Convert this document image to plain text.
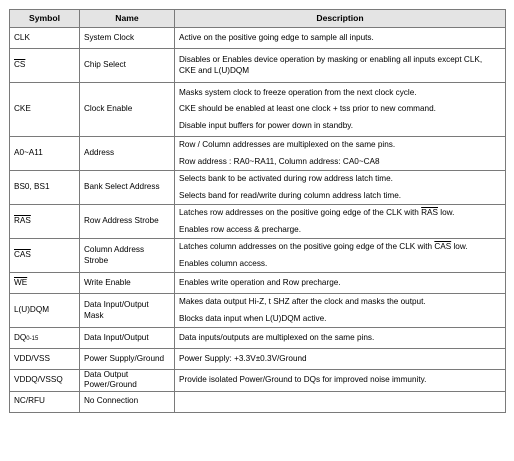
Symbol	Name	Description
CLK	System Clock	Active on the positive going edge to sample all inputs.

$\overline{CS}$	Chip Select	Disables or Enables device operation by masking or enabling all inputs except CLK, CKE and L(U)DQM

CKE	Clock Enable	Masks system clock to freeze operation from the next clock cycle.
CKE should be enabled at least one clock + tss prior to new command.
Disable input buffers for power down in standby.

A0~A11	Address	Row / Column addresses are multiplexed on the same pins.
Row address : RA0~RA11, Column address: CA0~CA8

BS0, BS1	Bank Select Address	Selects bank to be activated during row address latch time.
Selects band for read/write during column address latch time.

$\overline{RAS}$	Row Address Strobe	Latches row addresses on the positive going edge of the CLK with $\overline{RAS}$ low.
Enables row access & precharge.

$\overline{CAS}$	Column Address Strobe	Latches column addresses on the positive going edge of the CLK with $\overline{CAS}$ low.
Enables column access.

$\overline{WE}$	Write Enable	Enables write operation and Row precharge.

L(U)DQM	Data Input/Output Mask	Makes data output Hi-Z, t SHZ after the clock and masks the output.
Blocks data input when L(U)DQM active.

DQ0-15	Data Input/Output	Data inputs/outputs are multiplexed on the same pins.

VDD/VSS	Power Supply/Ground	Power Supply: +3.3V±0.3V/Ground

VDDQ/VSSQ	Data Output Power/Ground	Provide isolated Power/Ground to DQs for improved noise immunity.

NC/RFU	No Connection	
